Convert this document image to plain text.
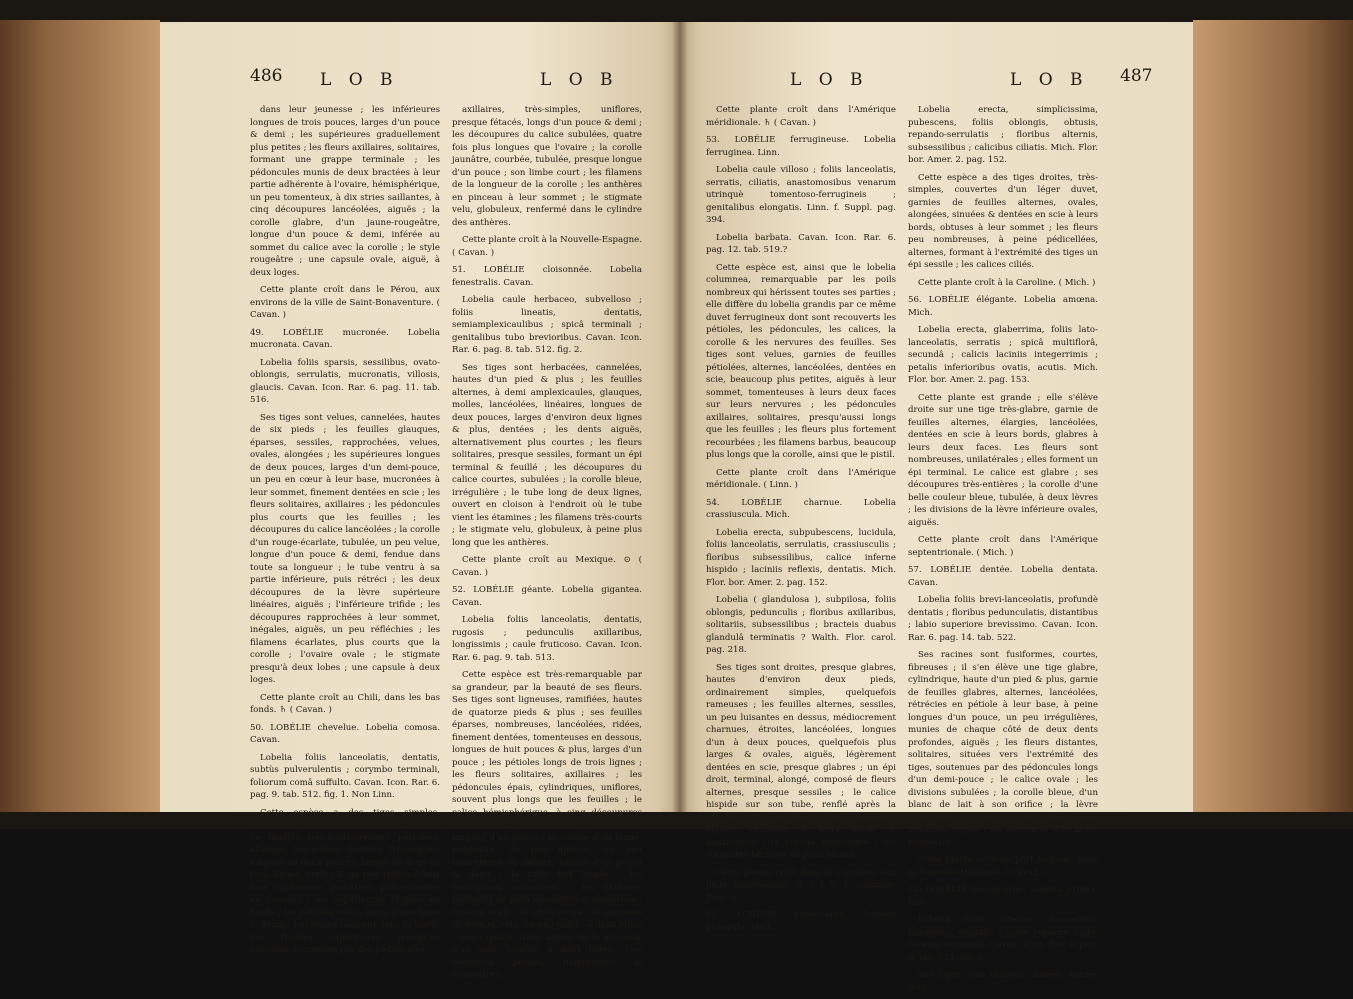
486 L O B	L O B

dans leur jeunesse ; les inférieures longues de trois pouces, larges d'un pouce & demi ; les supérieures graduellement plus petites ; les fleurs axillaires, solitaires, formant une grappe terminale ; les pédoncules munis de deux bractées à leur partie adhérente à l'ovaire, hémisphérique, un peu tomenteux, à dix stries saillantes, à cinq découpures lancéolées, aiguës ; la corolle glabre, d'un jaune-rougeâtre, longue d'un pouce & demi, inférée au sommet du calice avec la corolle ; le style rougeâtre ; une capsule ovale, aiguë, à deux loges.

Cette plante croît dans le Pérou, aux environs de la ville de Saint-Bonaventure. ( Cavan. )

49. LOBÉLIE mucronée. Lobelia mucronata. Cavan.

Lobelia foliis sparsis, sessilibus, ovato-oblongis, serrulatis, mucronatis, villosis, glaucis. Cavan. Icon. Rar. 6. pag. 11. tab. 516.

Ses tiges sont velues, cannelées, hautes de six pieds ; les feuilles glauques, éparses, sessiles, rapprochées, velues, ovales, alongées ; les supérieures longues de deux pouces, larges d'un demi-pouce, un peu en cœur à leur base, mucronées à leur sommet, finement dentées en scie ; les fleurs solitaires, axillaires ; les pédoncules plus courts que les feuilles ; les découpures du calice lancéolées ; la corolle d'un rouge-écarlate, tubulée, un peu velue, longue d'un pouce & demi, fendue dans toute sa longueur ; le tube ventru à sa partie inférieure, puis rétréci ; les deux découpures de la lèvre supérieure linéaires, aiguës ; l'inférieure trifide ; les découpures rapprochées à leur sommet, inégales, aiguës, un peu réfléchies ; les filamens écarlates, plus courts que la corolle ; l'ovaire ovale ; le stigmate presqu'à deux lobes ; une capsule à deux loges.

Cette plante croît au Chili, dans les bas fonds. ♄ ( Cavan. )

50. LOBÉLIE chevelue. Lobelia comosa. Cavan.

Lobelia foliis lanceolatis, dentatis, subtùs pulverulentis ; corymbo terminali, foliorum comâ suffulto. Cavan. Icon. Rar. 6. pag. 9. tab. 512. fig. 1. Non Linn.

Cette espèce a des tiges simples, cannelées, hautes de deux pieds, garnies de feuilles très-médiocrement pétiolées, alternes, lancéolées, dentées, très-aiguës, longues de deux pouces, larges de deux ou trois lignes, vertes & un peu ridées à leur face supérieure, jaunâtres, pulvérulentes en dessous ; les supérieures réunies en touffe ; les pétioles velus, longs d'une ligne & demie. Les fleurs naissent dans la touffe des feuilles supérieures presqu'en corymbe, soutenues par des pédoncules

axillaires, très-simples, uniflores, presque fétacés, longs d'un pouce & demi ; les découpures du calice subulées, quatre fois plus longues que l'ovaire ; la corolle jaunâtre, courbée, tubulée, presque longue d'un pouce ; son limbe court ; les filamens de la longueur de la corolle ; les anthères en pinceau à leur sommet ; le stigmate velu, globuleux, renfermé dans le cylindre des anthères.

Cette plante croît à la Nouvelle-Espagne. ( Cavan. )

51. LOBÉLIE cloisonnée. Lobelia fenestralis. Cavan.

Lobelia caule herbaceo, subvelloso ; foliis lineatis, dentatis, semiamplexicaulibus ; spicâ terminali ; genitalibus tubo brevioribus. Cavan. Icon. Rar. 6. pag. 8. tab. 512. fig. 2.

Ses tiges sont herbacées, cannelées, hautes d'un pied & plus ; les feuilles alternes, à demi amplexicaules, glauques, molles, lancéolées, linéaires, longues de deux pouces, larges d'environ deux lignes & plus, dentées ; les dents aiguës, alternativement plus courtes ; les fleurs solitaires, presque sessiles, formant un épi terminal & feuillé ; les découpures du calice courtes, subulées ; la corolle bleue, irrégulière ; le tube long de deux lignes, ouvert en cloison à l'endroit où le tube vient les étamines ; les filamens très-courts ; le stigmate velu, globuleux, à peine plus long que les anthères.

Cette plante croît au Mexique. ⊙ ( Cavan. )

52. LOBÉLIE géante. Lobelia gigantea. Cavan.

Lobelia foliis lanceolatis, dentatis, rugosis ; pedunculis axillaribus, longissimis ; caule fruticoso. Cavan. Icon. Rar. 6. pag. 9. tab. 513.

Cette espèce est très-remarquable par sa grandeur, par la beauté de ses fleurs. Ses tiges sont ligneuses, ramifiées, hautes de quatorze pieds & plus ; ses feuilles éparses, nombreuses, lancéolées, ridées, finement dentées, tomenteuses en dessous, longues de huit pouces & plus, larges d'un pouce ; les pétioles longs de trois lignes ; les fleurs solitaires, axillaires ; les pédoncules épais, cylindriques, uniflores, souvent plus longs que les feuilles ; le calice hémisphérique, à cinq découpures persistantes, lancéolées, très-aiguës, longues d'un pouce ; la corolle d'un jaune-rougeâtre, un peu épaisse, un peu tomenteuse en dehors, longue d'un pouce & demi ; le tube fort ample ; les découpures acuminées ; les anthères hérissées de poils roussâtres & nombreux ; l'ovaire ovale ; le style rouge ; le stigmate globuleux, velu, un peu pelté ; à deux lobes ; une capsule ovale, aiguë, de la grosseur d'un pois, bivalve, à deux loges ; les semences petites, nombreuses & rougeâtres.

L O B	L O B 487

Cette plante croît dans l'Amérique méridionale. ♄ ( Cavan. )

53. LOBÉLIE ferrugineuse. Lobelia ferruginea. Linn.

Lobelia caule villoso ; foliis lanceolatis, serratis, ciliatis, anastomosibus venarum utrinquè tomentoso-ferrugineis ; genitalibus elongatis. Linn. f. Suppl. pag. 394.

Lobelia barbata. Cavan. Icon. Rar. 6. pag. 12. tab. 519.?

Cette espèce est, ainsi que le lobelia columnea, remarquable par les poils nombreux qui hérissent toutes ses parties ; elle diffère du lobelia grandis par ce même duvet ferrugineux dont sont recouverts les pétioles, les pédoncules, les calices, la corolle & les nervures des feuilles. Ses tiges sont velues, garnies de feuilles pétiolées, alternes, lancéolées, dentées en scie, beaucoup plus petites, aiguës à leur sommet, tomenteuses à leurs deux faces sur leurs nervures ; les pédoncules axillaires, solitaires, presqu'aussi longs que les feuilles ; les fleurs plus fortement recourbées ; les filamens barbus, beaucoup plus longs que la corolle, ainsi que le pistil.

Cette plante croît dans l'Amérique méridionale. ( Linn. )

54. LOBÉLIE charnue. Lobelia crassiuscula. Mich.

Lobelia erecta, subpubescens, lucidula, foliis lanceolatis, serrulatis, crassiusculis ; floribus subsessilibus, calice inferne hispido ; laciniis reflexis, dentatis. Mich. Flor. bor. Amer. 2. pag. 152.

Lobelia ( glandulosa ), subpilosa, foliis oblongis, pedunculis ; floribus axillaribus, solitariis, subsessilibus ; bracteis duabus glandulâ terminatis ? Walth. Flor. carol. pag. 218.

Ses tiges sont droites, presque glabres, hautes d'environ deux pieds, ordinairement simples, quelquefois rameuses ; les feuilles alternes, sessiles, un peu luisantes en dessus, médiocrement charnues, étroites, lancéolées, longues d'un à deux pouces, quelquefois plus larges & ovales, aiguës, légèrement dentées en scie, presque glabres ; un épi droit, terminal, alongé, composé de fleurs alternes, presque sessiles ; le calice hispide sur son tube, renflé après la fécondation ; ses découpures lancéolées, aiguës, courbées à leurs bords & denticulées ; la corolle blanchâtre ; les stigmates hérissés de poils blancs.

Cette plante croît dans la Caroline, aux lieux marécageux. ⊙ ? ( V. f. commun. Bosc. )

55. LOBÉLIE pubescente. Lobelia puberula. Mich.

Lobelia erecta, simplicissima, pubescens, foliis oblongis, obtusis, repando-serrulatis ; floribus alternis, subsessilibus ; calicibus ciliatis. Mich. Flor. bor. Amer. 2. pag. 152.

Cette espèce a des tiges droites, très-simples, couvertes d'un léger duvet, garnies de feuilles alternes, ovales, alongées, sinuées & dentées en scie à leurs bords, obtuses à leur sommet ; les fleurs peu nombreuses, à peine pédicellées, alternes, formant à l'extrémité des tiges un épi sessile ; les calices ciliés.

Cette plante croît à la Caroline. ( Mich. )

56. LOBÉLIE élégante. Lobelia amœna. Mich.

Lobelia erecta, glaberrima, foliis lato-lanceolatis, serratis ; spicâ multiflorâ, secundâ ; calicis laciniis integerrimis ; petalis inferioribus ovatis, acutis. Mich. Flor. bor. Amer. 2. pag. 153.

Cette plante est grande ; elle s'élève droite sur une tige très-glabre, garnie de feuilles alternes, élargies, lancéolées, dentées en scie à leurs bords, glabres à leurs deux faces. Les fleurs sont nombreuses, unilatérales ; elles forment un épi terminal. Le calice est glabre ; ses découpures très-entières ; la corolle d'une belle couleur bleue, tubulée, à deux lèvres ; les divisions de la lèvre inférieure ovales, aiguës.

Cette plante croît dans l'Amérique septentrionale. ( Mich. )

57. LOBÉLIE dentée. Lobelia dentata. Cavan.

Lobelia foliis brevi-lanceolatis, profundè dentatis ; floribus pedunculatis, distantibus ; labio superiore brevissimo. Cavan. Icon. Rar. 6. pag. 14. tab. 522.

Ses racines sont fusiformes, courtes, fibreuses ; il s'en élève une tige glabre, cylindrique, haute d'un pied & plus, garnie de feuilles glabres, alternes, lancéolées, rétrécies en pétiole à leur base, à peine longues d'un pouce, un peu irrégulières, munies de chaque côté de deux dents profondes, aiguës ; les fleurs distantes, solitaires, situées vers l'extrémité des tiges, soutenues par des pédoncules longs d'un demi-pouce ; le calice ovale ; les divisions subulées ; la corolle bleue, d'un blanc de lait à son orifice ; la lèvre supérieure courte ; les découpures linéaires, aiguës ; les semences d'un brun-rougeâtre.

Cette plante croît au port Jackson, dans la Nouvelle-Hollande. ( Cavan. )

58. LOBÉLIE bec-de-grue. Lobelia gruina. Cav.

Lobelia foliis alternis, lanceolato-linearibus, dentatis ; caule supernè nudo, racemo terminali. Cavan. Icon. Rar. 6 pag. 8. tab. 511. fig. 2.

Ses tiges sont glabres, striées, hautes d'un
